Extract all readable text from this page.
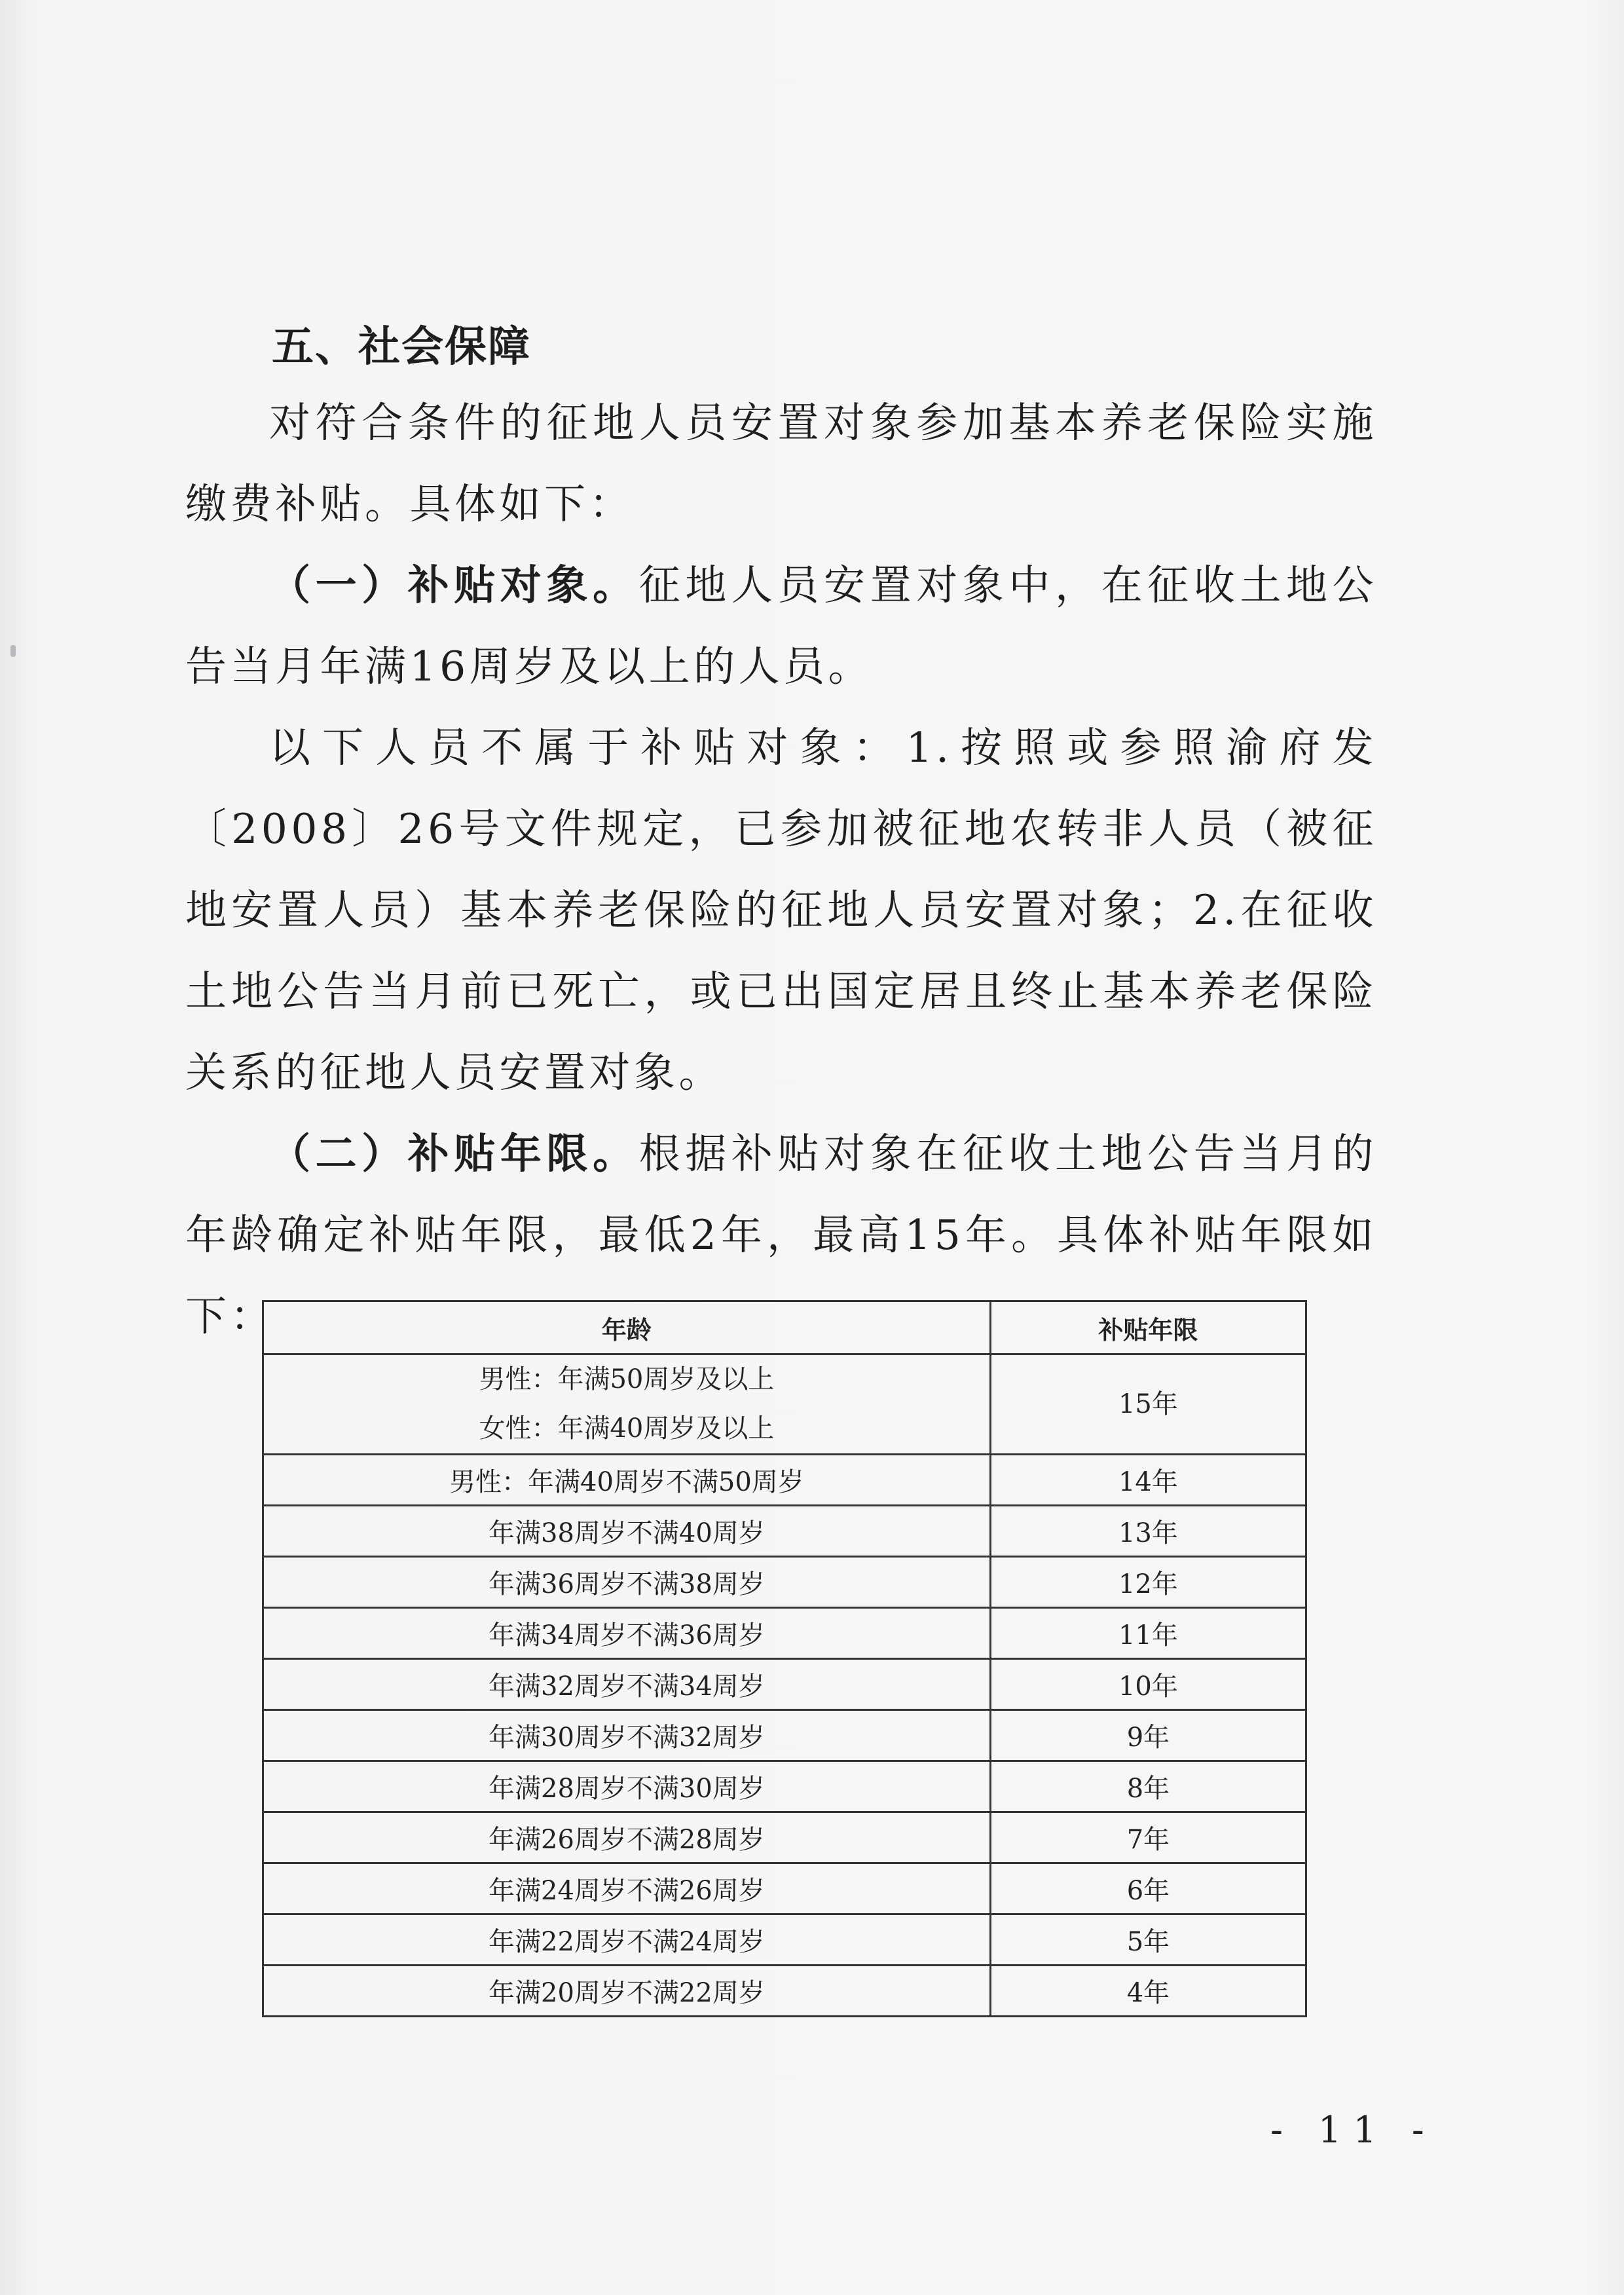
五、社会保障
对符合条件的征地人员安置对象参加基本养老保险实施缴费补贴。具体如下：
（一）补贴对象。征地人员安置对象中，在征收土地公告当月年满16周岁及以上的人员。
以下人员不属于补贴对象：1.按照或参照渝府发〔2008〕26号文件规定，已参加被征地农转非人员（被征地安置人员）基本养老保险的征地人员安置对象；2.在征收土地公告当月前已死亡，或已出国定居且终止基本养老保险关系的征地人员安置对象。
（二）补贴年限。根据补贴对象在征收土地公告当月的年龄确定补贴年限，最低2年，最高15年。具体补贴年限如下：	年龄	补贴年限

男性：年满50周岁及以上
女性：年满40周岁及以上	15年
男性：年满40周岁不满50周岁	14年
年满38周岁不满40周岁	13年
年满36周岁不满38周岁	12年
年满34周岁不满36周岁	11年
年满32周岁不满34周岁	10年
年满30周岁不满32周岁	9年
年满28周岁不满30周岁	8年
年满26周岁不满28周岁	7年
年满24周岁不满26周岁	6年
年满22周岁不满24周岁	5年
年满20周岁不满22周岁	4年
- 11 -
